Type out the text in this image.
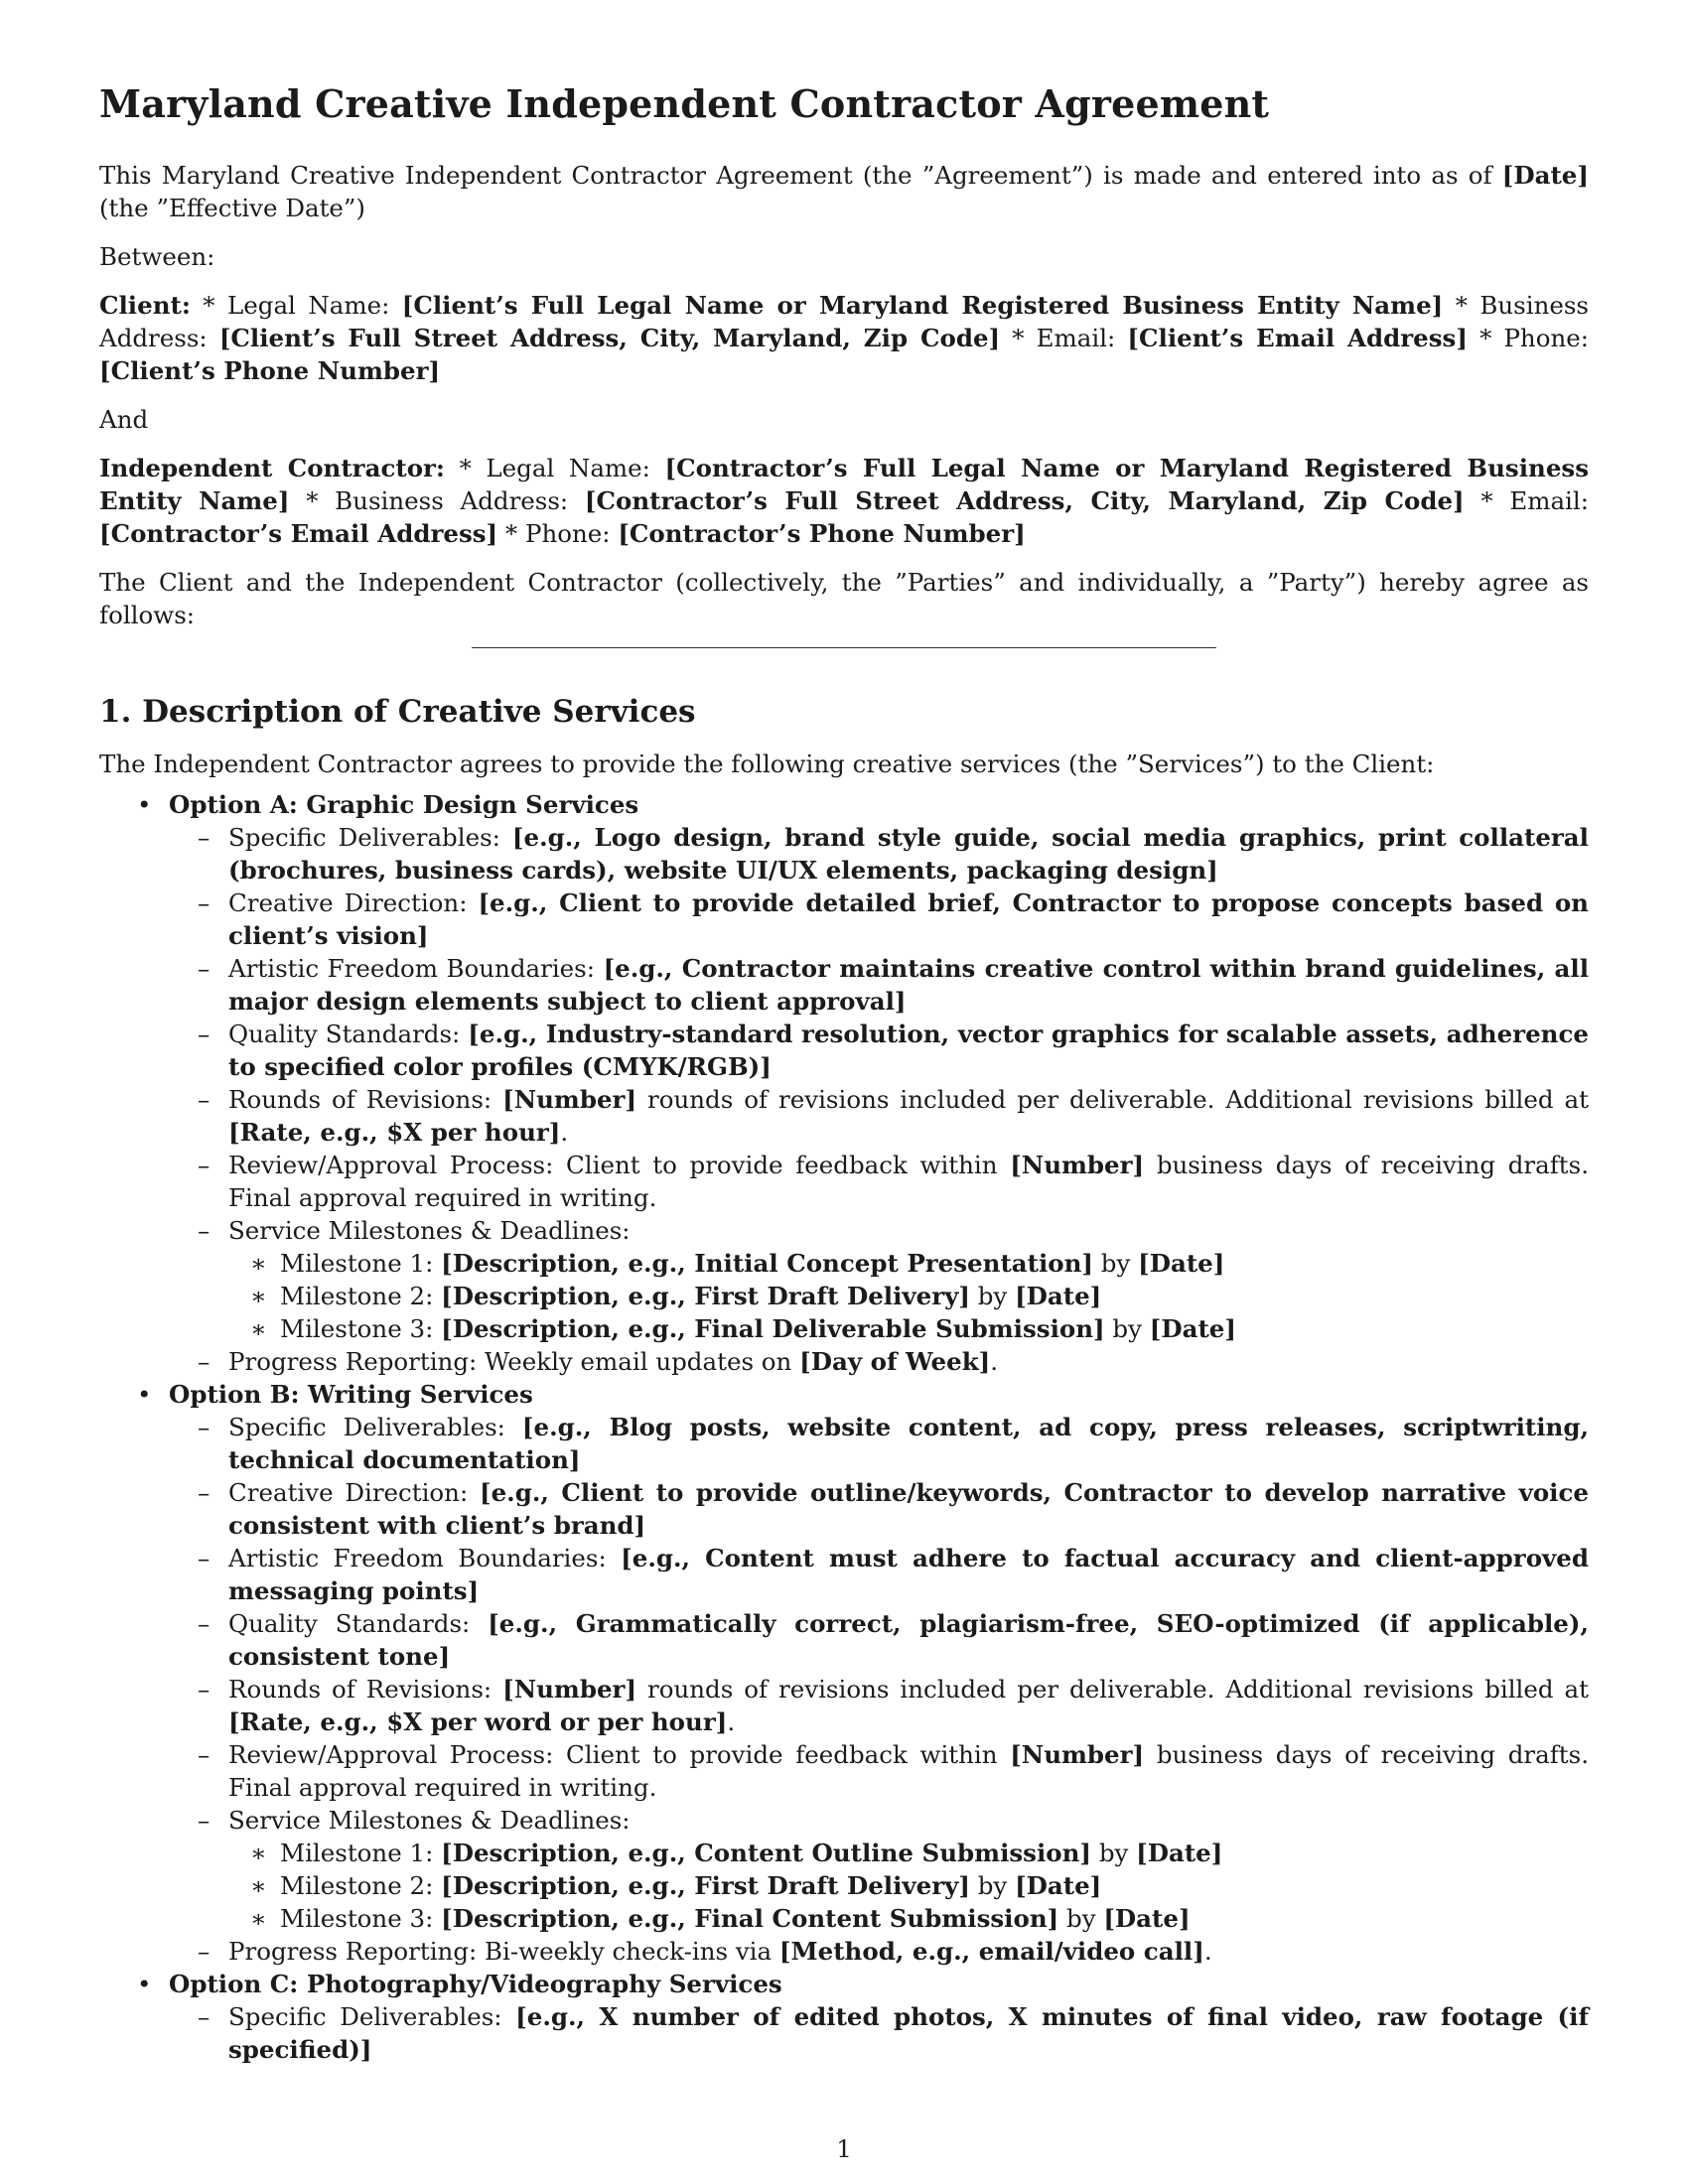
Maryland Creative Independent Contractor Agreement

This Maryland Creative Independent Contractor Agreement (the ”Agreement”) is made and entered into as of [Date] (the ”Effective Date”)

Between:

Client: * Legal Name: [Client’s Full Legal Name or Maryland Registered Business Entity Name] * Business Address: [Client’s Full Street Address, City, Maryland, Zip Code] * Email: [Client’s Email Address] * Phone: [Client’s Phone Number]

And

Independent Contractor: * Legal Name: [Contractor’s Full Legal Name or Maryland Registered Business Entity Name] * Business Address: [Contractor’s Full Street Address, City, Maryland, Zip Code] * Email: [Contractor’s Email Address] * Phone: [Contractor’s Phone Number]

The Client and the Independent Contractor (collectively, the ”Parties” and individually, a ”Party”) hereby agree as follows:

1. Description of Creative Services

The Independent Contractor agrees to provide the following creative services (the ”Services”) to the Client:

• Option A: Graphic Design Services
– Specific Deliverables: [e.g., Logo design, brand style guide, social media graphics, print collateral (brochures, business cards), website UI/UX elements, packaging design]
– Creative Direction: [e.g., Client to provide detailed brief, Contractor to propose concepts based on client’s vision]
– Artistic Freedom Boundaries: [e.g., Contractor maintains creative control within brand guidelines, all major design elements subject to client approval]
– Quality Standards: [e.g., Industry-standard resolution, vector graphics for scalable assets, adherence to specified color profiles (CMYK/RGB)]
– Rounds of Revisions: [Number] rounds of revisions included per deliverable. Additional revisions billed at [Rate, e.g., $X per hour].
– Review/Approval Process: Client to provide feedback within [Number] business days of receiving drafts. Final approval required in writing.
– Service Milestones & Deadlines:
∗ Milestone 1: [Description, e.g., Initial Concept Presentation] by [Date]
∗ Milestone 2: [Description, e.g., First Draft Delivery] by [Date]
∗ Milestone 3: [Description, e.g., Final Deliverable Submission] by [Date]
– Progress Reporting: Weekly email updates on [Day of Week].
• Option B: Writing Services
– Specific Deliverables: [e.g., Blog posts, website content, ad copy, press releases, scriptwriting, technical documentation]
– Creative Direction: [e.g., Client to provide outline/keywords, Contractor to develop narrative voice consistent with client’s brand]
– Artistic Freedom Boundaries: [e.g., Content must adhere to factual accuracy and client-approved messaging points]
– Quality Standards: [e.g., Grammatically correct, plagiarism-free, SEO-optimized (if applicable), consistent tone]
– Rounds of Revisions: [Number] rounds of revisions included per deliverable. Additional revisions billed at [Rate, e.g., $X per word or per hour].
– Review/Approval Process: Client to provide feedback within [Number] business days of receiving drafts. Final approval required in writing.
– Service Milestones & Deadlines:
∗ Milestone 1: [Description, e.g., Content Outline Submission] by [Date]
∗ Milestone 2: [Description, e.g., First Draft Delivery] by [Date]
∗ Milestone 3: [Description, e.g., Final Content Submission] by [Date]
– Progress Reporting: Bi-weekly check-ins via [Method, e.g., email/video call].
• Option C: Photography/Videography Services
– Specific Deliverables: [e.g., X number of edited photos, X minutes of final video, raw footage (if specified)]
1
